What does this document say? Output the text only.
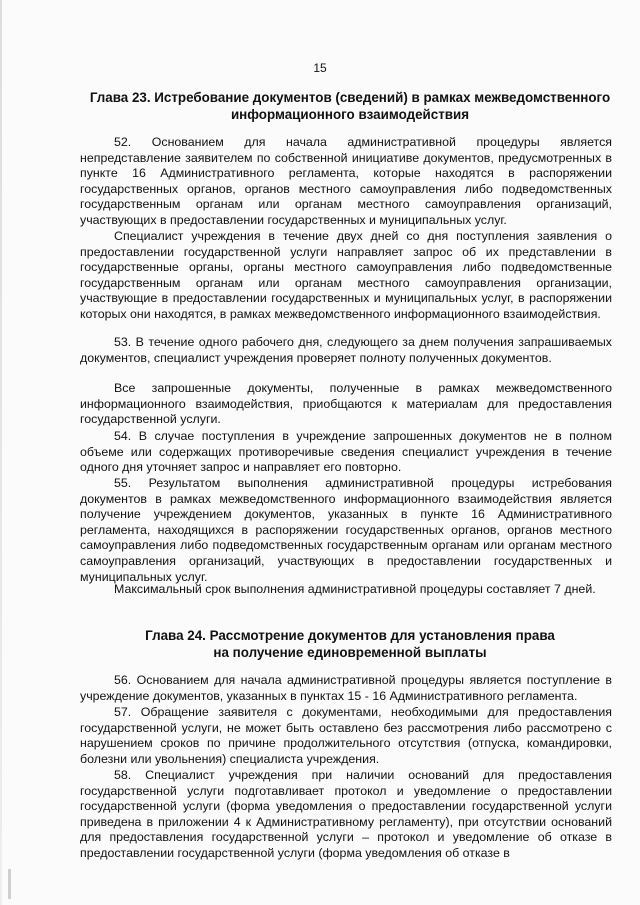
15
Глава 23. Истребование документов (сведений) в рамках межведомственного
информационного взаимодействия

52. Основанием для начала административной процедуры является непредставление заявителем по собственной инициативе документов, предусмотренных в пункте 16 Административного регламента, которые находятся в распоряжении государственных органов, органов местного самоуправления либо подведомственных государственным органам или органам местного самоуправления организаций, участвующих в предоставлении государственных и муниципальных услуг.

Специалист учреждения в течение двух дней со дня поступления заявления о предоставлении государственной услуги направляет запрос об их представлении в государственные органы, органы местного самоуправления либо подведомственные государственным органам или органам местного самоуправления организации, участвующие в предоставлении государственных и муниципальных услуг, в распоряжении которых они находятся, в рамках межведомственного информационного взаимодействия.

53. В течение одного рабочего дня, следующего за днем получения запрашиваемых документов, специалист учреждения проверяет полноту полученных документов.

Все запрошенные документы, полученные в рамках межведомственного информационного взаимодействия, приобщаются к материалам для предоставления государственной услуги.

54. В случае поступления в учреждение запрошенных документов не в полном объеме или содержащих противоречивые сведения специалист учреждения в течение одного дня уточняет запрос и направляет его повторно.

55. Результатом выполнения административной процедуры истребования документов в рамках межведомственного информационного взаимодействия является получение учреждением документов, указанных в пункте 16 Административного регламента, находящихся в распоряжении государственных органов, органов местного самоуправления либо подведомственных государственным органам или органам местного самоуправления организаций, участвующих в предоставлении государственных и муниципальных услуг.

Максимальный срок выполнения административной процедуры составляет 7 дней.

Глава 24. Рассмотрение документов для установления права
на получение единовременной выплаты

56. Основанием для начала административной процедуры является поступление в учреждение документов, указанных в пунктах 15 - 16 Административного регламента.

57. Обращение заявителя с документами, необходимыми для предоставления государственной услуги, не может быть оставлено без рассмотрения либо рассмотрено с нарушением сроков по причине продолжительного отсутствия (отпуска, командировки, болезни или увольнения) специалиста учреждения.

58. Специалист учреждения при наличии оснований для предоставления государственной услуги подготавливает протокол и уведомление о предоставлении государственной услуги (форма уведомления о предоставлении государственной услуги приведена в приложении 4 к Административному регламенту), при отсутствии оснований для предоставления государственной услуги – протокол и уведомление об отказе в предоставлении государственной услуги (форма уведомления об отказе в
